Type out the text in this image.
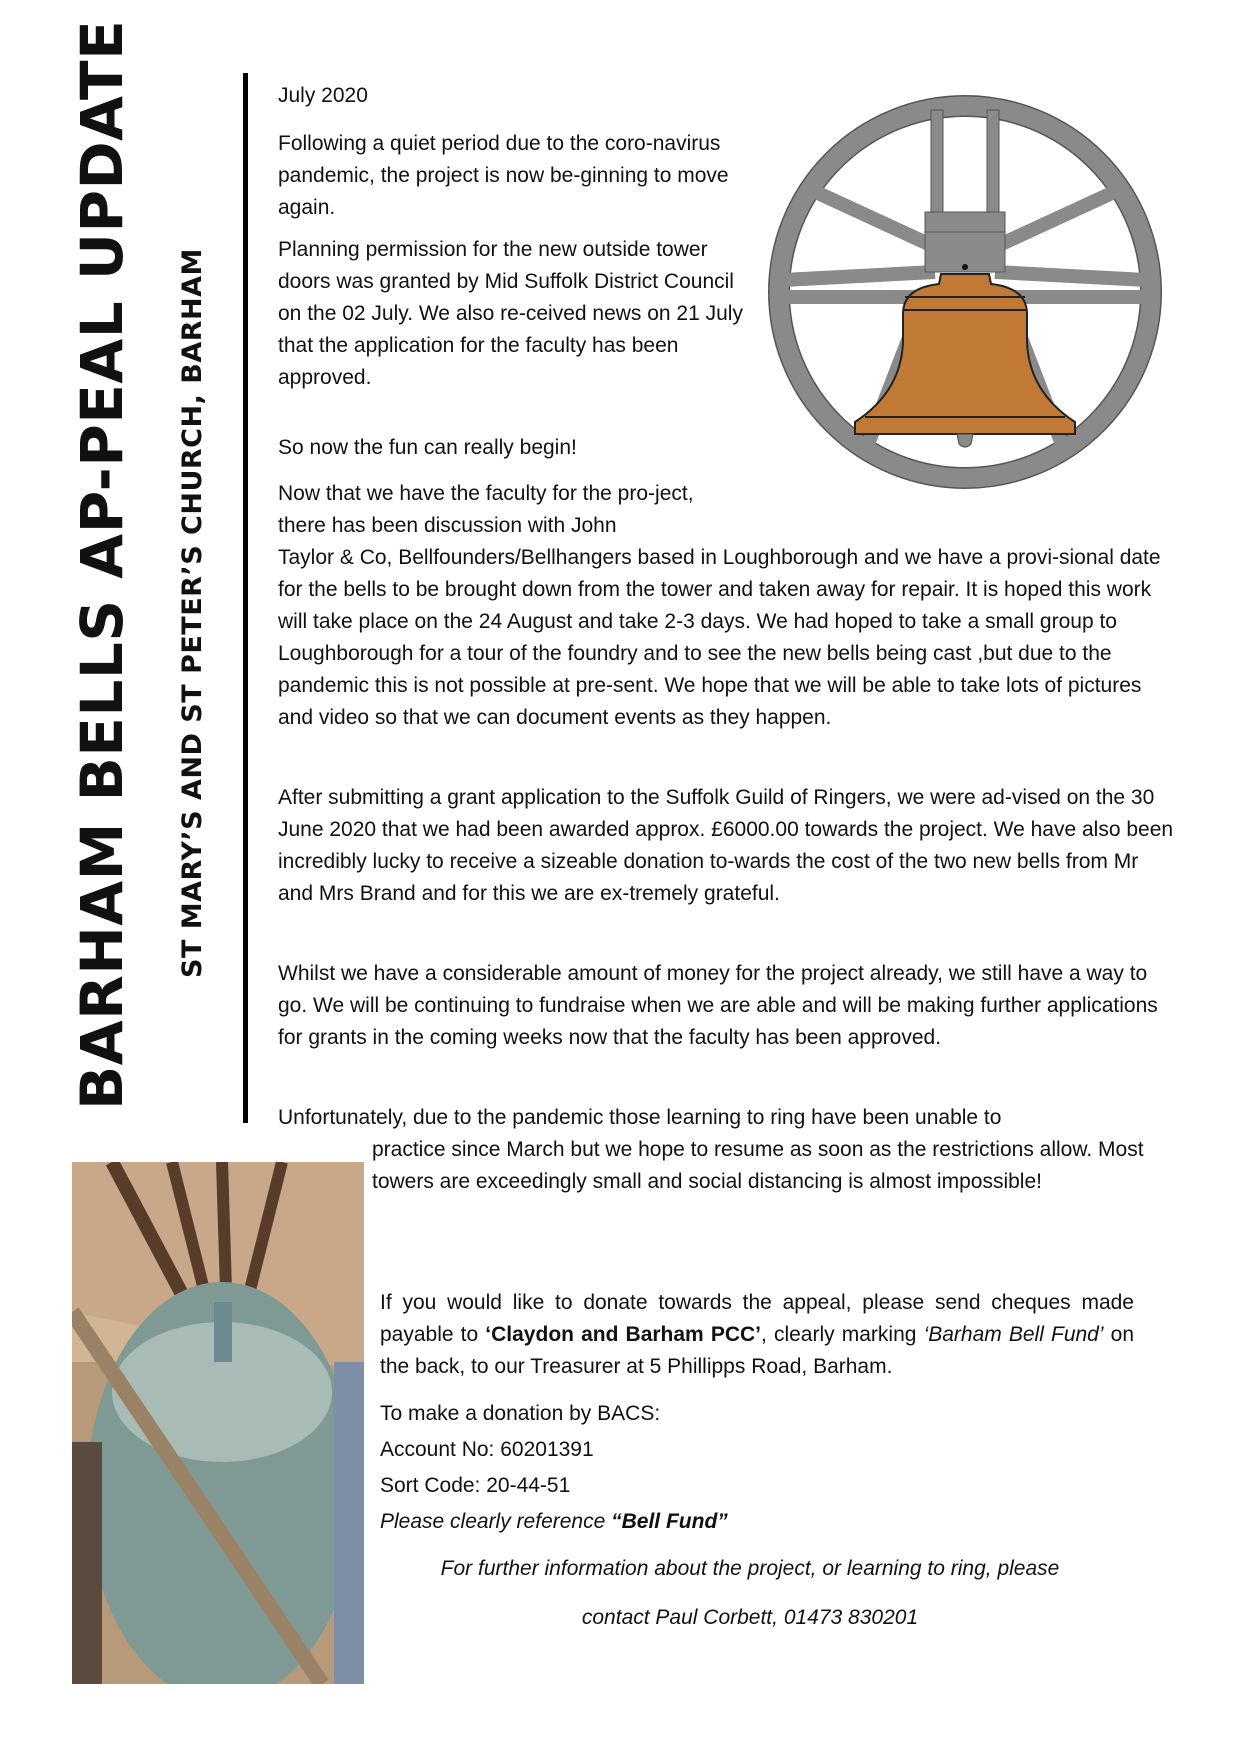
BARHAM BELLS AP-PEAL UPDATE ST MARY’S AND ST PETER’S CHURCH, BARHAM
July 2020

Following a quiet period due to the coro-navirus pandemic, the project is now be-ginning to move again.

Planning permission for the new outside tower doors was granted by Mid Suffolk District Council on the 02 July. We also re-ceived news on 21 July that the application for the faculty has been approved.

So now the fun can really begin!
Now that we have the faculty for the pro-ject, there has been discussion with John
Taylor & Co, Bellfounders/Bellhangers based in Loughborough and we have a provi-sional date for the bells to be brought down from the tower and taken away for repair. It is hoped this work will take place on the 24 August and take 2-3 days. We had hoped to take a small group to Loughborough for a tour of the foundry and to see the new bells being cast ,but due to the pandemic this is not possible at pre-sent. We hope that we will be able to take lots of pictures and video so that we can document events as they happen.
After submitting a grant application to the Suffolk Guild of Ringers, we were ad-vised on the 30 June 2020 that we had been awarded approx. £6000.00 towards the project. We have also been incredibly lucky to receive a sizeable donation to-wards the cost of the two new bells from Mr and Mrs Brand and for this we are ex-tremely grateful.
Whilst we have a considerable amount of money for the project already, we still have a way to go. We will be continuing to fundraise when we are able and will be making further applications for grants in the coming weeks now that the faculty has been approved.
Unfortunately, due to the pandemic those learning to ring have been unable to
practice since March but we hope to resume as soon as the restrictions allow. Most towers are exceedingly small and social distancing is almost impossible!
If you would like to donate towards the appeal, please send cheques made payable to ‘Claydon and Barham PCC’, clearly marking ‘Barham Bell Fund’ on the back, to our Treasurer at 5 Phillipps Road, Barham.
To make a donation by BACS:
Account No: 60201391
Sort Code: 20-44-51
Please clearly reference “Bell Fund”
For further information about the project, or learning to ring, please
contact Paul Corbett, 01473 830201
